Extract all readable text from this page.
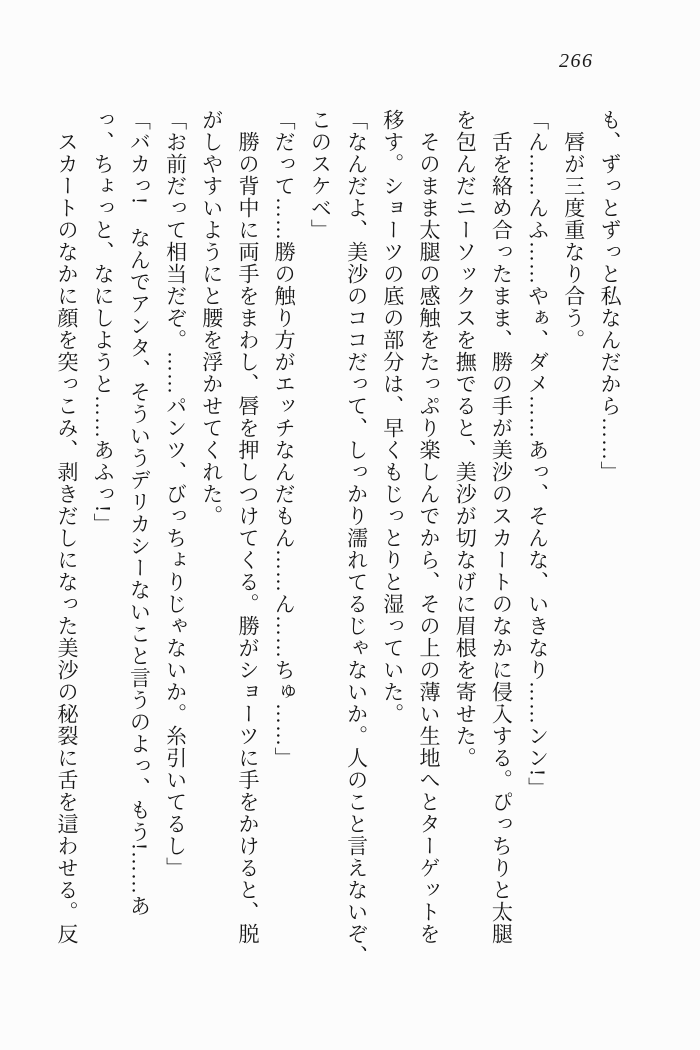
266

も、ずっとずっと私なんだから……」

唇が三度重なり合う。

「ん……んふ……やぁ、ダメ……あっ、そんな、いきなり……ンン!」

舌を絡め合ったまま、勝の手が美沙のスカートのなかに侵入する。ぴっちりと太腿

を包んだニーソックスを撫でると、美沙が切なげに眉根を寄せた。

そのまま太腿の感触をたっぷり楽しんでから、その上の薄い生地へとターゲットを

移す。ショーツの底の部分は、早くもじっとりと湿っていた。

「なんだよ、美沙のココだって、しっかり濡れてるじゃないか。人のこと言えないぞ、

このスケベ」

「だって……勝の触り方がエッチなんだもん……ん……ちゅ……」

勝の背中に両手をまわし、唇を押しつけてくる。勝がショーツに手をかけると、脱

がしやすいようにと腰を浮かせてくれた。

「お前だって相当だぞ。……パンツ、びっちょりじゃないか。糸引いてるし」

「バカっ!　なんでアンタ、そういうデリカシーないこと言うのよっ、もう!……あ

っ、ちょっと、なにしようと……あふっ!」

スカートのなかに顔を突っこみ、剥きだしになった美沙の秘裂に舌を這わせる。反
